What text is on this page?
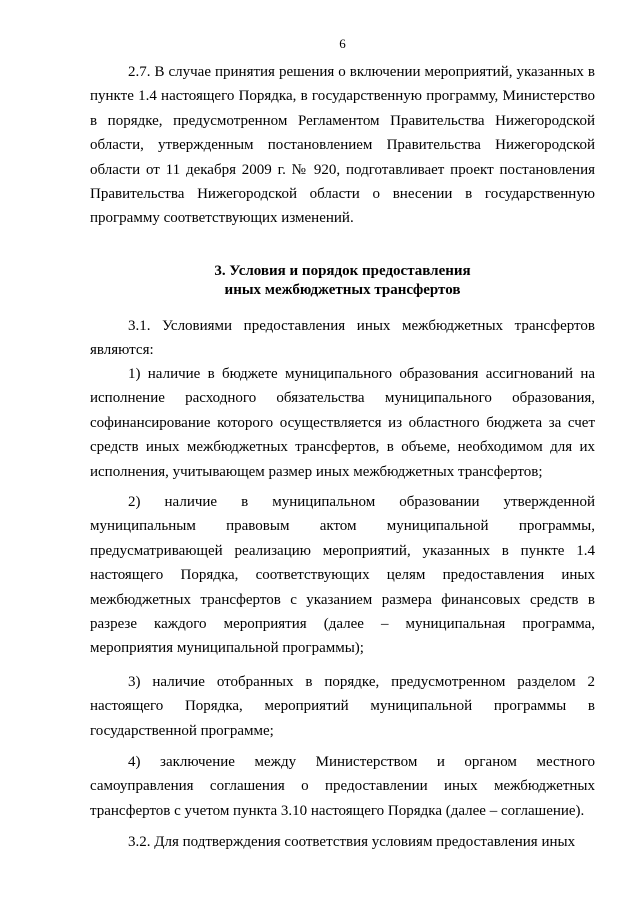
6

2.7. В случае принятия решения о включении мероприятий, указанных в пункте 1.4 настоящего Порядка, в государственную программу, Министерство в порядке, предусмотренном Регламентом Правительства Нижегородской области, утвержденным постановлением Правительства Нижегородской области от 11 декабря 2009 г. № 920, подготавливает проект постановления Правительства Нижегородской области о внесении в государственную программу соответствующих изменений.

3. Условия и порядок предоставления
иных межбюджетных трансфертов

3.1. Условиями предоставления иных межбюджетных трансфертов являются:

1) наличие в бюджете муниципального образования ассигнований на исполнение расходного обязательства муниципального образования, софинансирование которого осуществляется из областного бюджета за счет средств иных межбюджетных трансфертов, в объеме, необходимом для их исполнения, учитывающем размер иных межбюджетных трансфертов;

2) наличие в муниципальном образовании утвержденной муниципальным правовым актом муниципальной программы, предусматривающей реализацию мероприятий, указанных в пункте 1.4 настоящего Порядка, соответствующих целям предоставления иных межбюджетных трансфертов с указанием размера финансовых средств в разрезе каждого мероприятия (далее – муниципальная программа, мероприятия муниципальной программы);

3) наличие отобранных в порядке, предусмотренном разделом 2 настоящего Порядка, мероприятий муниципальной программы в государственной программе;

4) заключение между Министерством и органом местного самоуправления соглашения о предоставлении иных межбюджетных трансфертов с учетом пункта 3.10 настоящего Порядка (далее – соглашение).

3.2. Для подтверждения соответствия условиям предоставления иных
